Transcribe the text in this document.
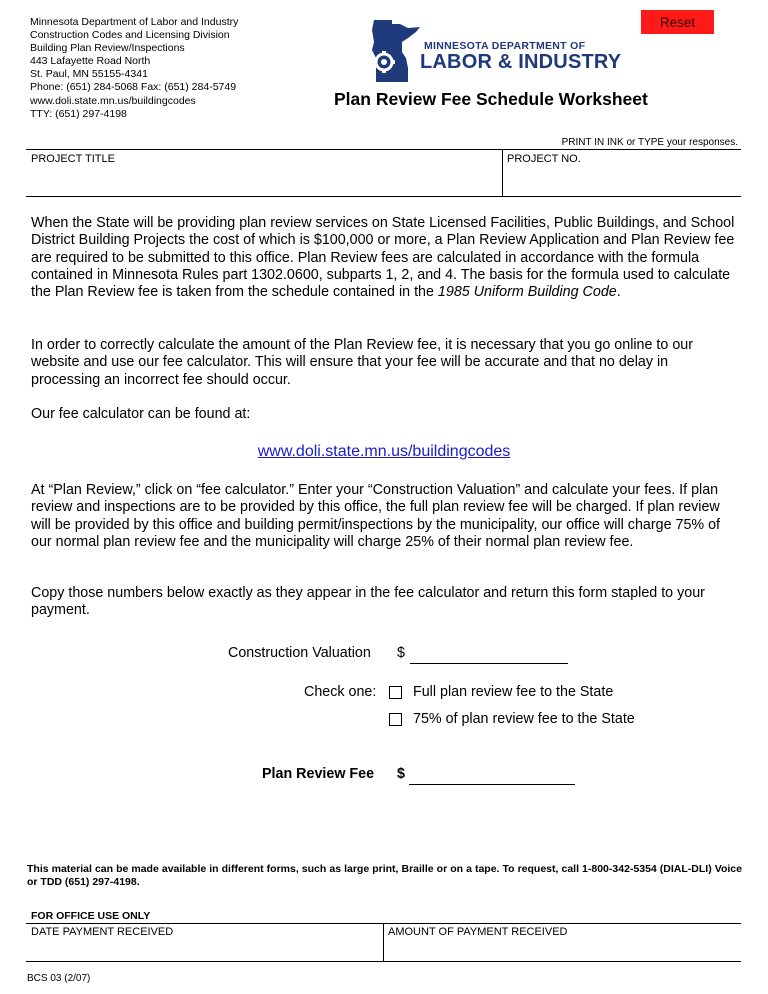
Minnesota Department of Labor and Industry
Construction Codes and Licensing Division
Building Plan Review/Inspections
443 Lafayette Road North
St. Paul, MN 55155-4341
Phone: (651) 284-5068 Fax: (651) 284-5749
www.doli.state.mn.us/buildingcodes
TTY: (651) 297-4198
MINNESOTA DEPARTMENT OF
LABOR & INDUSTRY
Reset
Plan Review Fee Schedule Worksheet
PRINT IN INK or TYPE your responses.
PROJECT TITLE	PROJECT NO.
When the State will be providing plan review services on State Licensed Facilities, Public Buildings, and School District Building Projects the cost of which is $100,000 or more, a Plan Review Application and Plan Review fee are required to be submitted to this office. Plan Review fees are calculated in accordance with the formula contained in Minnesota Rules part 1302.0600, subparts 1, 2, and 4. The basis for the formula used to calculate the Plan Review fee is taken from the schedule contained in the 1985 Uniform Building Code.
In order to correctly calculate the amount of the Plan Review fee, it is necessary that you go online to our website and use our fee calculator. This will ensure that your fee will be accurate and that no delay in processing an incorrect fee should occur.
Our fee calculator can be found at:
www.doli.state.mn.us/buildingcodes
At “Plan Review,” click on “fee calculator.” Enter your “Construction Valuation” and calculate your fees. If plan review and inspections are to be provided by this office, the full plan review fee will be charged. If plan review will be provided by this office and building permit/inspections by the municipality, our office will charge 75% of our normal plan review fee and the municipality will charge 25% of their normal plan review fee.
Copy those numbers below exactly as they appear in the fee calculator and return this form stapled to your payment.
Construction Valuation $
Check one:	Full plan review fee to the State
75% of plan review fee to the State
Plan Review Fee $
This material can be made available in different forms, such as large print, Braille or on a tape. To request, call 1-800-342-5354 (DIAL-DLI) Voice or TDD (651) 297-4198.
FOR OFFICE USE ONLY
DATE PAYMENT RECEIVED	AMOUNT OF PAYMENT RECEIVED
BCS 03 (2/07)
